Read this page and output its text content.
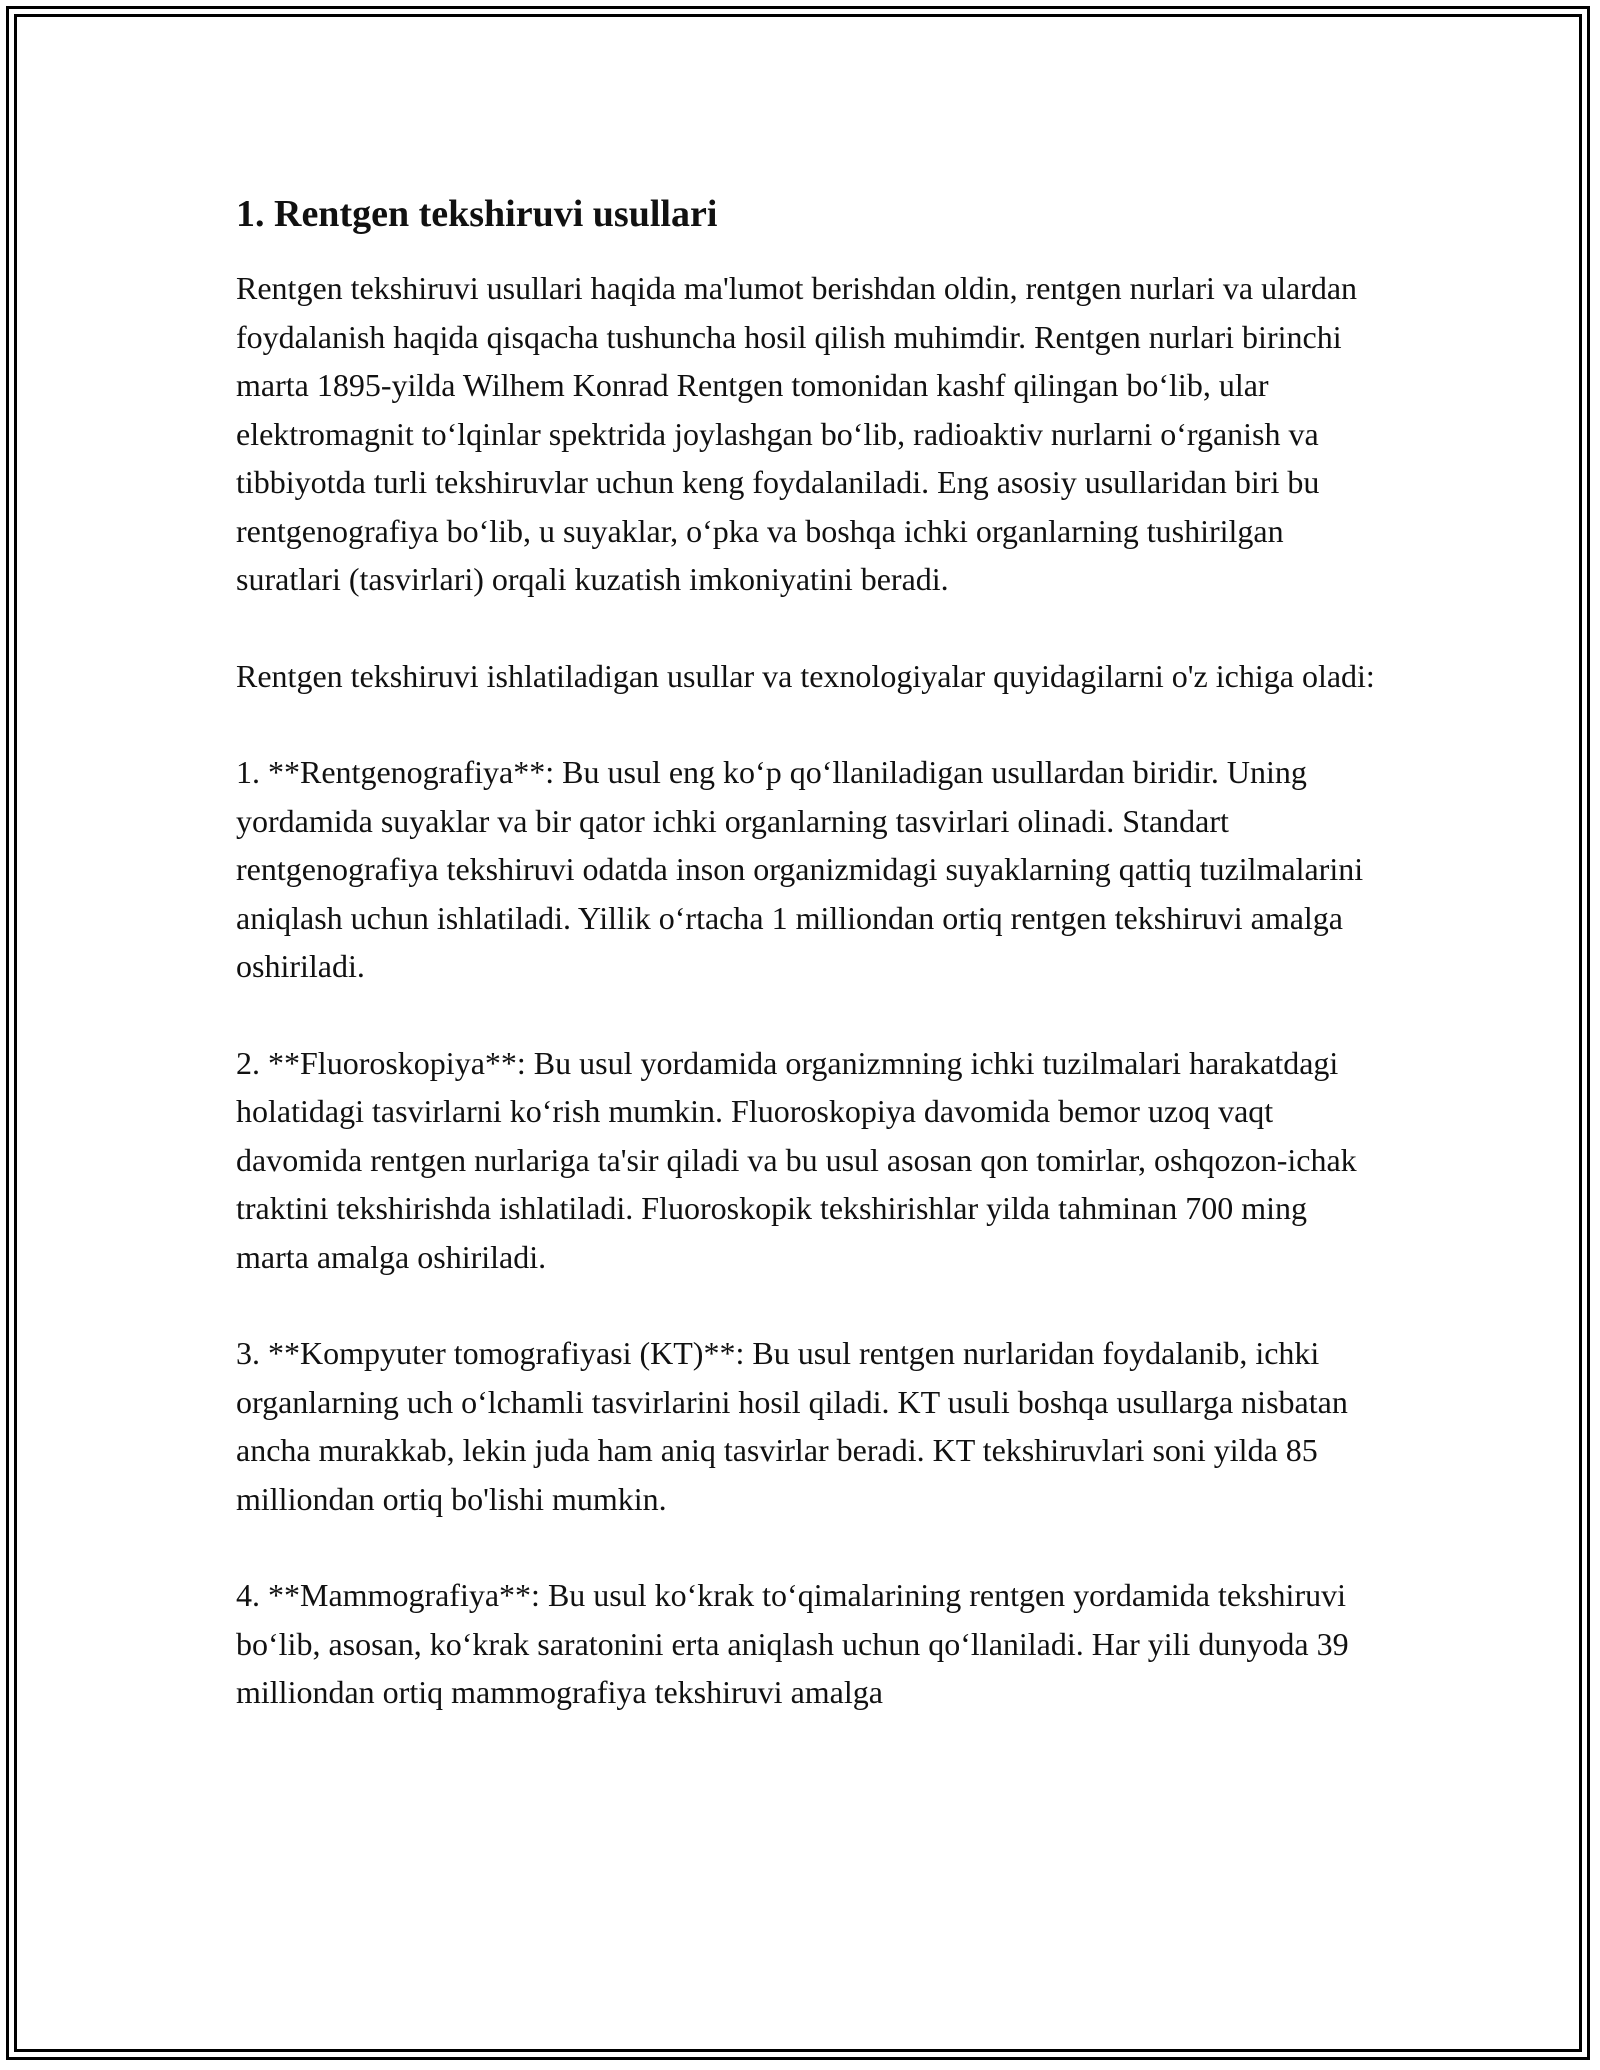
1. Rentgen tekshiruvi usullari

Rentgen tekshiruvi usullari haqida ma'lumot berishdan oldin, rentgen nurlari va ulardan foydalanish haqida qisqacha tushuncha hosil qilish muhimdir. Rentgen nurlari birinchi marta 1895-yilda Wilhem Konrad Rentgen tomonidan kashf qilingan bo‘lib, ular elektromagnit to‘lqinlar spektrida joylashgan bo‘lib, radioaktiv nurlarni o‘rganish va tibbiyotda turli tekshiruvlar uchun keng foydalaniladi. Eng asosiy usullaridan biri bu rentgenografiya bo‘lib, u suyaklar, o‘pka va boshqa ichki organlarning tushirilgan suratlari (tasvirlari) orqali kuzatish imkoniyatini beradi.

Rentgen tekshiruvi ishlatiladigan usullar va texnologiyalar quyidagilarni o'z ichiga oladi:

1. **Rentgenografiya**: Bu usul eng ko‘p qo‘llaniladigan usullardan biridir. Uning yordamida suyaklar va bir qator ichki organlarning tasvirlari olinadi. Standart rentgenografiya tekshiruvi odatda inson organizmidagi suyaklarning qattiq tuzilmalarini aniqlash uchun ishlatiladi. Yillik o‘rtacha 1 milliondan ortiq rentgen tekshiruvi amalga oshiriladi.

2. **Fluoroskopiya**: Bu usul yordamida organizmning ichki tuzilmalari harakatdagi holatidagi tasvirlarni ko‘rish mumkin. Fluoroskopiya davomida bemor uzoq vaqt davomida rentgen nurlariga ta'sir qiladi va bu usul asosan qon tomirlar, oshqozon-ichak traktini tekshirishda ishlatiladi. Fluoroskopik tekshirishlar yilda tahminan 700 ming marta amalga oshiriladi.

3. **Kompyuter tomografiyasi (KT)**: Bu usul rentgen nurlaridan foydalanib, ichki organlarning uch o‘lchamli tasvirlarini hosil qiladi. KT usuli boshqa usullarga nisbatan ancha murakkab, lekin juda ham aniq tasvirlar beradi. KT tekshiruvlari soni yilda 85 milliondan ortiq bo'lishi mumkin.

4. **Mammografiya**: Bu usul ko‘krak to‘qimalarining rentgen yordamida tekshiruvi bo‘lib, asosan, ko‘krak saratonini erta aniqlash uchun qo‘llaniladi. Har yili dunyoda 39 milliondan ortiq mammografiya tekshiruvi amalga
